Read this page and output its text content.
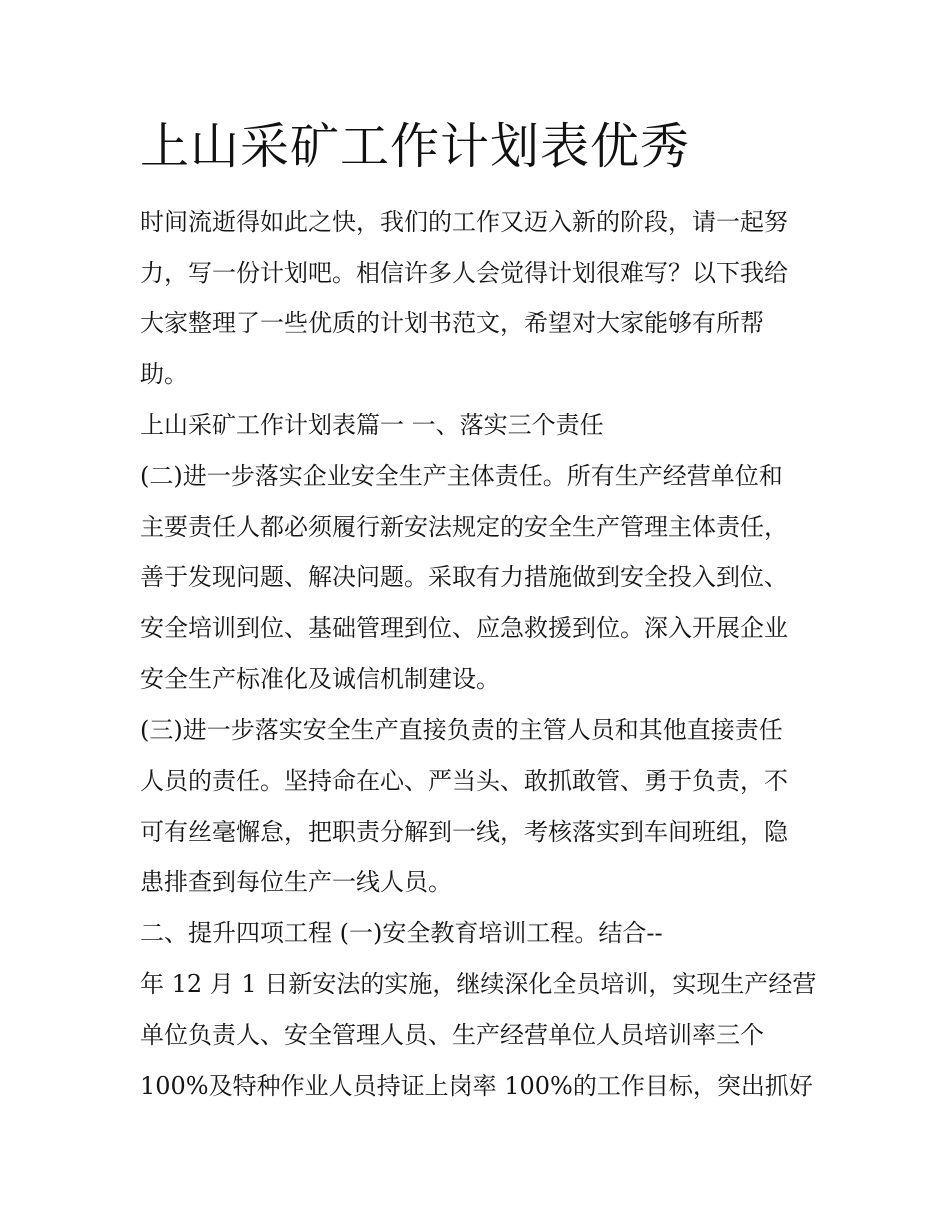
上山采矿工作计划表优秀

时间流逝得如此之快，我们的工作又迈入新的阶段，请一起努

力，写一份计划吧。相信许多人会觉得计划很难写？以下我给

大家整理了一些优质的计划书范文，希望对大家能够有所帮

助。

上山采矿工作计划表篇一 一、落实三个责任

(二)进一步落实企业安全生产主体责任。所有生产经营单位和

主要责任人都必须履行新安法规定的安全生产管理主体责任，

善于发现问题、解决问题。采取有力措施做到安全投入到位、

安全培训到位、基础管理到位、应急救援到位。深入开展企业

安全生产标准化及诚信机制建设。

(三)进一步落实安全生产直接负责的主管人员和其他直接责任

人员的责任。坚持命在心、严当头、敢抓敢管、勇于负责，不

可有丝毫懈怠，把职责分解到一线，考核落实到车间班组，隐

患排查到每位生产一线人员。

二、提升四项工程 (一)安全教育培训工程。结合--

年 12 月 1 日新安法的实施，继续深化全员培训，实现生产经营

单位负责人、安全管理人员、生产经营单位人员培训率三个

100%及特种作业人员持证上岗率 100%的工作目标，突出抓好
